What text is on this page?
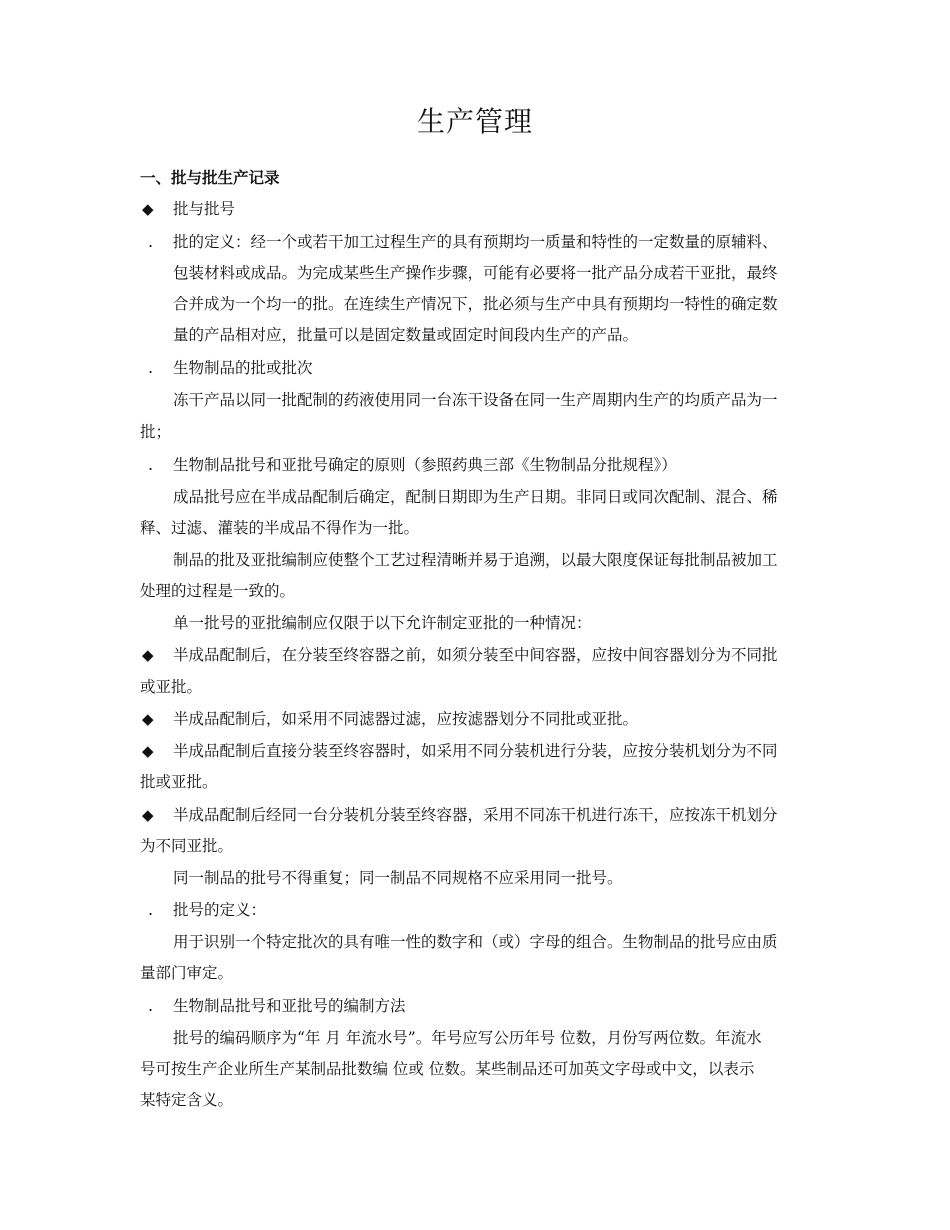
生产管理
一、批与批生产记录
◆ 批与批号
. 批的定义：经一个或若干加工过程生产的具有预期均一质量和特性的一定数量的原辅料、
包装材料或成品。为完成某些生产操作步骤，可能有必要将一批产品分成若干亚批，最终
合并成为一个均一的批。在连续生产情况下，批必须与生产中具有预期均一特性的确定数
量的产品相对应，批量可以是固定数量或固定时间段内生产的产品。
. 生物制品的批或批次
冻干产品以同一批配制的药液使用同一台冻干设备在同一生产周期内生产的均质产品为一
批；
. 生物制品批号和亚批号确定的原则（参照药典三部《生物制品分批规程》）
成品批号应在半成品配制后确定，配制日期即为生产日期。非同日或同次配制、混合、稀
释、过滤、灌装的半成品不得作为一批。
制品的批及亚批编制应使整个工艺过程清晰并易于追溯，以最大限度保证每批制品被加工
处理的过程是一致的。
单一批号的亚批编制应仅限于以下允许制定亚批的一种情况：
◆ 半成品配制后，在分装至终容器之前，如须分装至中间容器，应按中间容器划分为不同批
或亚批。
◆ 半成品配制后，如采用不同滤器过滤，应按滤器划分不同批或亚批。
◆ 半成品配制后直接分装至终容器时，如采用不同分装机进行分装，应按分装机划分为不同
批或亚批。
◆ 半成品配制后经同一台分装机分装至终容器，采用不同冻干机进行冻干，应按冻干机划分
为不同亚批。
同一制品的批号不得重复；同一制品不同规格不应采用同一批号。
. 批号的定义：
用于识别一个特定批次的具有唯一性的数字和（或）字母的组合。生物制品的批号应由质
量部门审定。
. 生物制品批号和亚批号的编制方法
批号的编码顺序为“年 月 年流水号”。年号应写公历年号 位数，月份写两位数。年流水
号可按生产企业所生产某制品批数编 位或 位数。某些制品还可加英文字母或中文，以表示
某特定含义。
